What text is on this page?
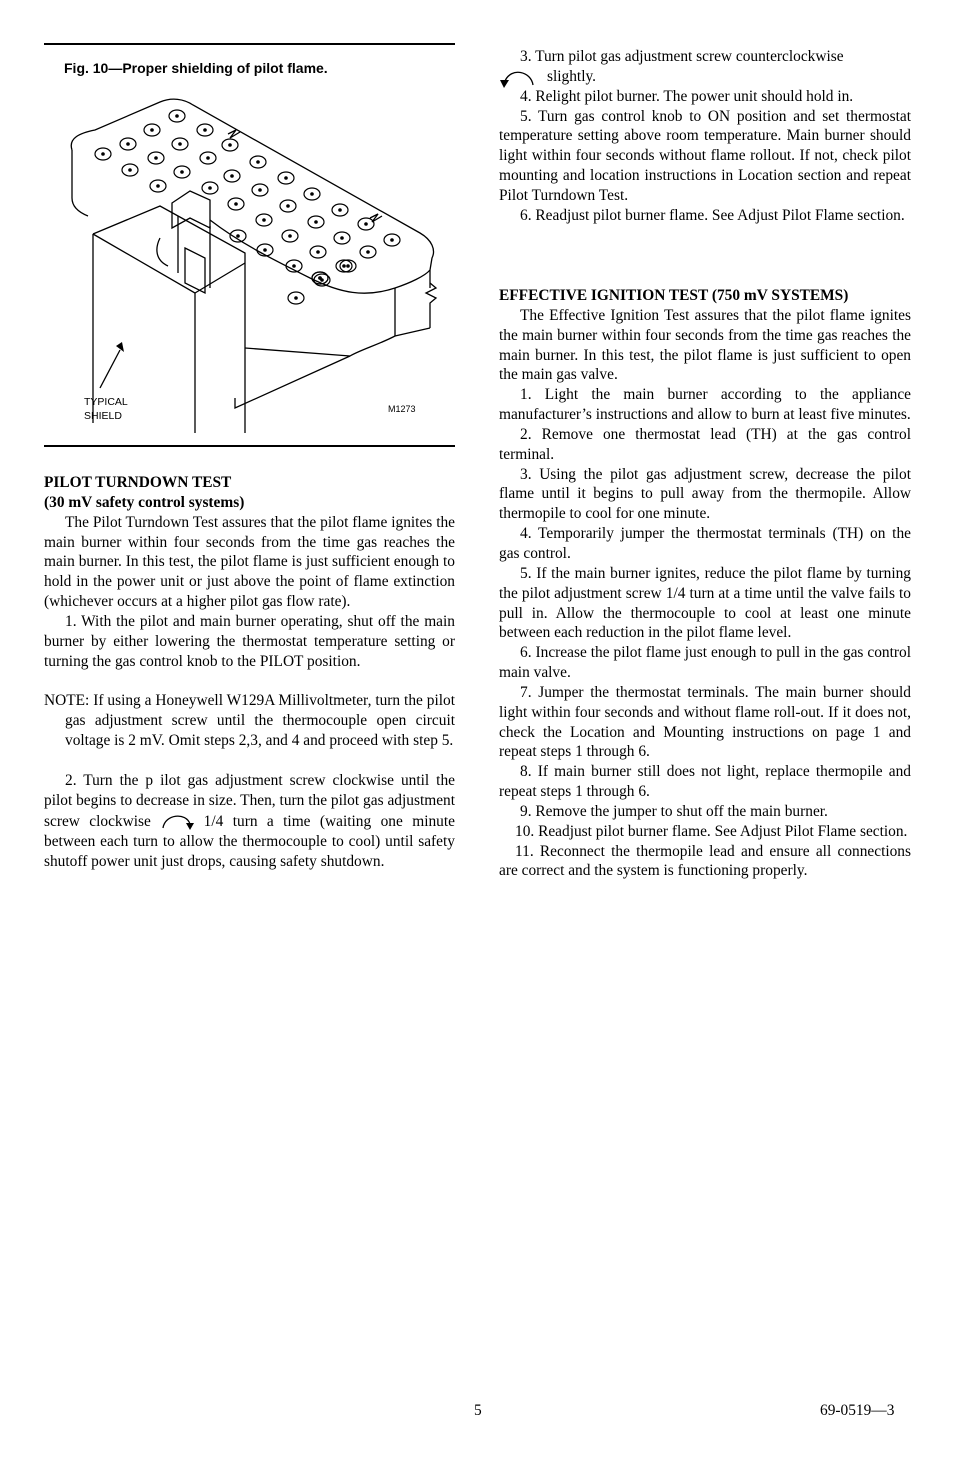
Fig. 10—Proper shielding of pilot flame.
TYPICAL
SHIELD
M1273

PILOT TURNDOWN TEST

(30 mV safety control systems)

The Pilot Turndown Test assures that the pilot flame ignites the main burner within four seconds from the time gas reaches the main burner. In this test, the pilot flame is just sufficient enough to hold in the power unit or just above the point of flame extinction (whichever occurs at a higher pilot gas flow rate).

1. With the pilot and main burner operating, shut off the main burner by either lowering the thermostat temperature setting or turning the gas control knob to the PILOT position.

NOTE: If using a Honeywell W129A Millivoltmeter, turn the pilot gas adjustment screw until the thermocouple open circuit voltage is 2 mV. Omit steps 2,3, and 4 and proceed with step 5.

2. Turn the p ilot gas adjustment screw clockwise until the pilot begins to decrease in size. Then, turn the pilot gas adjustment screw clockwise	1/4 turn a time (waiting one minute between each turn to allow the thermocouple to cool) until safety shutoff power unit just drops, causing safety shutdown.

3. Turn pilot gas adjustment screw counterclockwise

slightly.

4. Relight pilot burner. The power unit should hold in.

5. Turn gas control knob to ON position and set thermostat temperature setting above room temperature. Main burner should light within four seconds without flame rollout. If not, check pilot mounting and location instructions in Location section and repeat Pilot Turndown Test.

6. Readjust pilot burner flame. See Adjust Pilot Flame section.

EFFECTIVE IGNITION TEST (750 mV SYSTEMS)

The Effective Ignition Test assures that the pilot flame ignites the main burner within four seconds from the time gas reaches the main burner. In this test, the pilot flame is just sufficient to open the main gas valve.

1. Light the main burner according to the appliance manufacturer’s instructions and allow to burn at least five minutes.

2. Remove one thermostat lead (TH) at the gas control terminal.

3. Using the pilot gas adjustment screw, decrease the pilot flame until it begins to pull away from the thermopile. Allow thermopile to cool for one minute.

4. Temporarily jumper the thermostat terminals (TH) on the gas control.

5. If the main burner ignites, reduce the pilot flame by turning the pilot adjustment screw 1/4 turn at a time until the valve fails to pull in. Allow the thermocouple to cool at least one minute between each reduction in the pilot flame level.

6. Increase the pilot flame just enough to pull in the gas control main valve.

7. Jumper the thermostat terminals. The main burner should light within four seconds and without flame roll-out. If it does not, check the Location and Mounting instructions on page 1 and repeat steps 1 through 6.

8. If main burner still does not light, replace thermopile and repeat steps 1 through 6.

9. Remove the jumper to shut off the main burner.

10. Readjust pilot burner flame. See Adjust Pilot Flame section.

11. Reconnect the thermopile lead and ensure all connections are correct and the system is functioning properly.

5	69-0519—3
